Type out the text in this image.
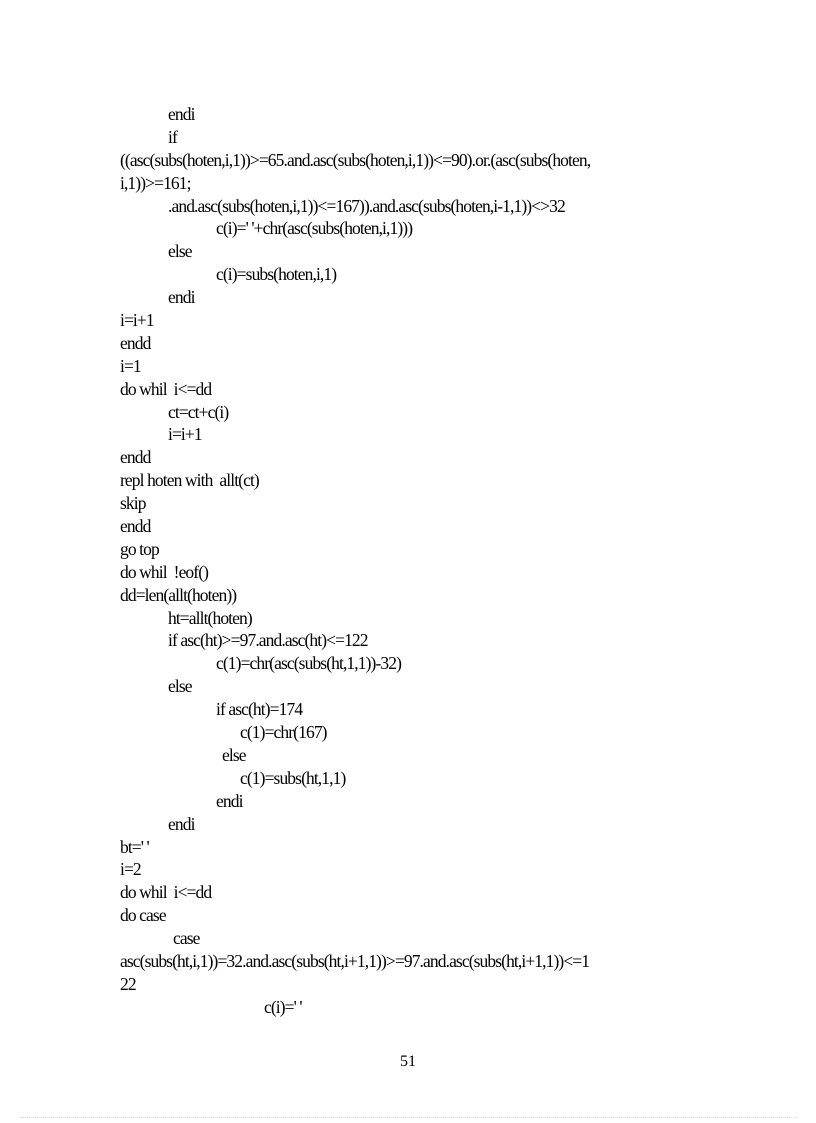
endi
if
((asc(subs(hoten,i,1))>=65.and.asc(subs(hoten,i,1))<=90).or.(asc(subs(hoten,
i,1))>=161;
.and.asc(subs(hoten,i,1))<=167)).and.asc(subs(hoten,i-1,1))<>32
c(i)=' '+chr(asc(subs(hoten,i,1)))
else
c(i)=subs(hoten,i,1)
endi
i=i+1
endd
i=1
do whil  i<=dd
ct=ct+c(i)
i=i+1
endd
repl hoten with  allt(ct)
skip
endd
go top
do whil  !eof()
dd=len(allt(hoten))
ht=allt(hoten)
if asc(ht)>=97.and.asc(ht)<=122
c(1)=chr(asc(subs(ht,1,1))-32)
else
if asc(ht)=174
c(1)=chr(167)
else
c(1)=subs(ht,1,1)
endi
endi
bt=' '
i=2
do whil  i<=dd
do case
case
asc(subs(ht,i,1))=32.and.asc(subs(ht,i+1,1))>=97.and.asc(subs(ht,i+1,1))<=1
22
c(i)=' '
51
